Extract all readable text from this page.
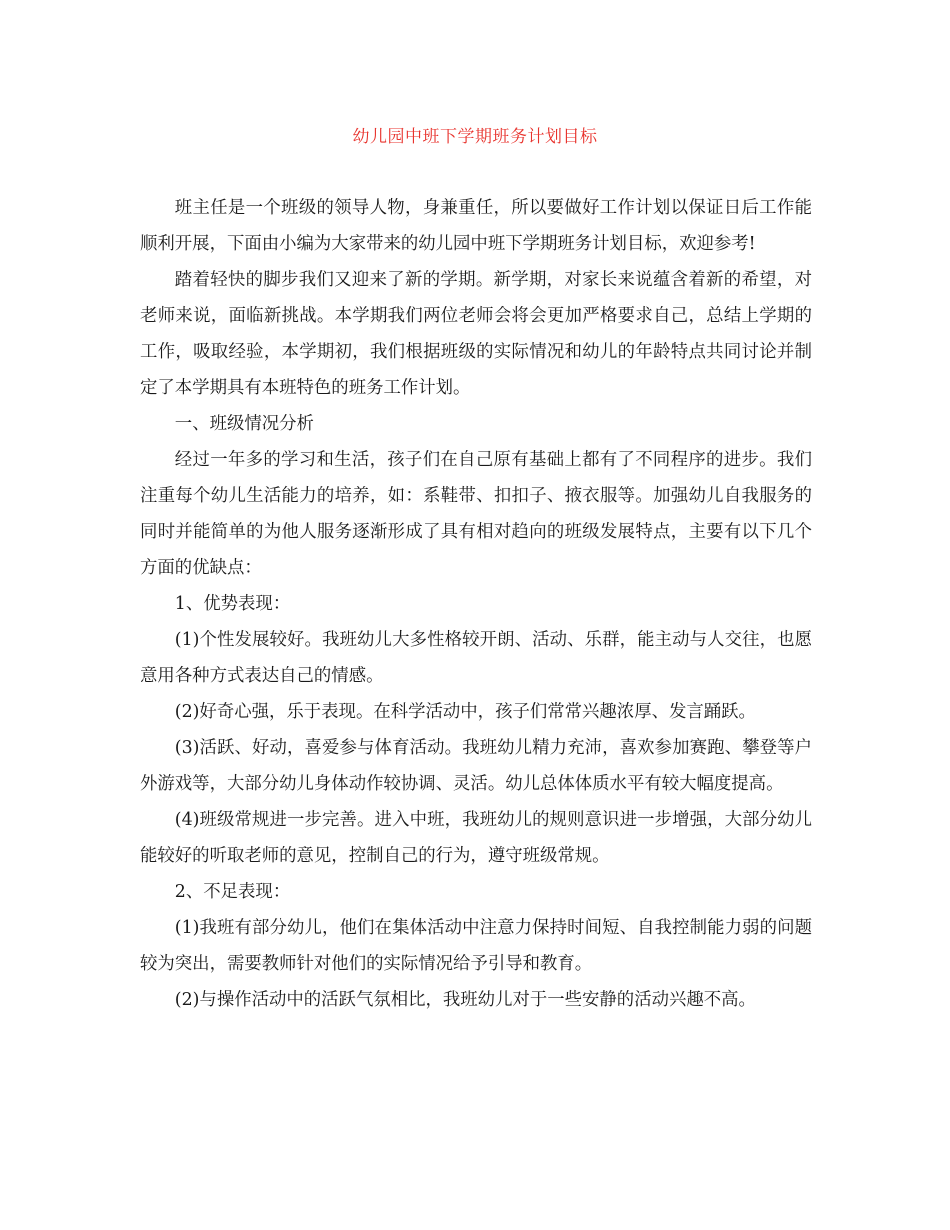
幼儿园中班下学期班务计划目标

班主任是一个班级的领导人物，身兼重任，所以要做好工作计划以保证日后工作能顺利开展，下面由小编为大家带来的幼儿园中班下学期班务计划目标，欢迎参考!

踏着轻快的脚步我们又迎来了新的学期。新学期，对家长来说蕴含着新的希望，对老师来说，面临新挑战。本学期我们两位老师会将会更加严格要求自己，总结上学期的工作，吸取经验，本学期初，我们根据班级的实际情况和幼儿的年龄特点共同讨论并制定了本学期具有本班特色的班务工作计划。

一、班级情况分析

经过一年多的学习和生活，孩子们在自己原有基础上都有了不同程序的进步。我们注重每个幼儿生活能力的培养，如：系鞋带、扣扣子、掖衣服等。加强幼儿自我服务的同时并能简单的为他人服务逐渐形成了具有相对趋向的班级发展特点，主要有以下几个方面的优缺点：

1、优势表现：

(1)个性发展较好。我班幼儿大多性格较开朗、活动、乐群，能主动与人交往，也愿意用各种方式表达自己的情感。

(2)好奇心强，乐于表现。在科学活动中，孩子们常常兴趣浓厚、发言踊跃。

(3)活跃、好动，喜爱参与体育活动。我班幼儿精力充沛，喜欢参加赛跑、攀登等户外游戏等，大部分幼儿身体动作较协调、灵活。幼儿总体体质水平有较大幅度提高。

(4)班级常规进一步完善。进入中班，我班幼儿的规则意识进一步增强，大部分幼儿能较好的听取老师的意见，控制自己的行为，遵守班级常规。

2、不足表现：

(1)我班有部分幼儿，他们在集体活动中注意力保持时间短、自我控制能力弱的问题较为突出，需要教师针对他们的实际情况给予引导和教育。

(2)与操作活动中的活跃气氛相比，我班幼儿对于一些安静的活动兴趣不高。
